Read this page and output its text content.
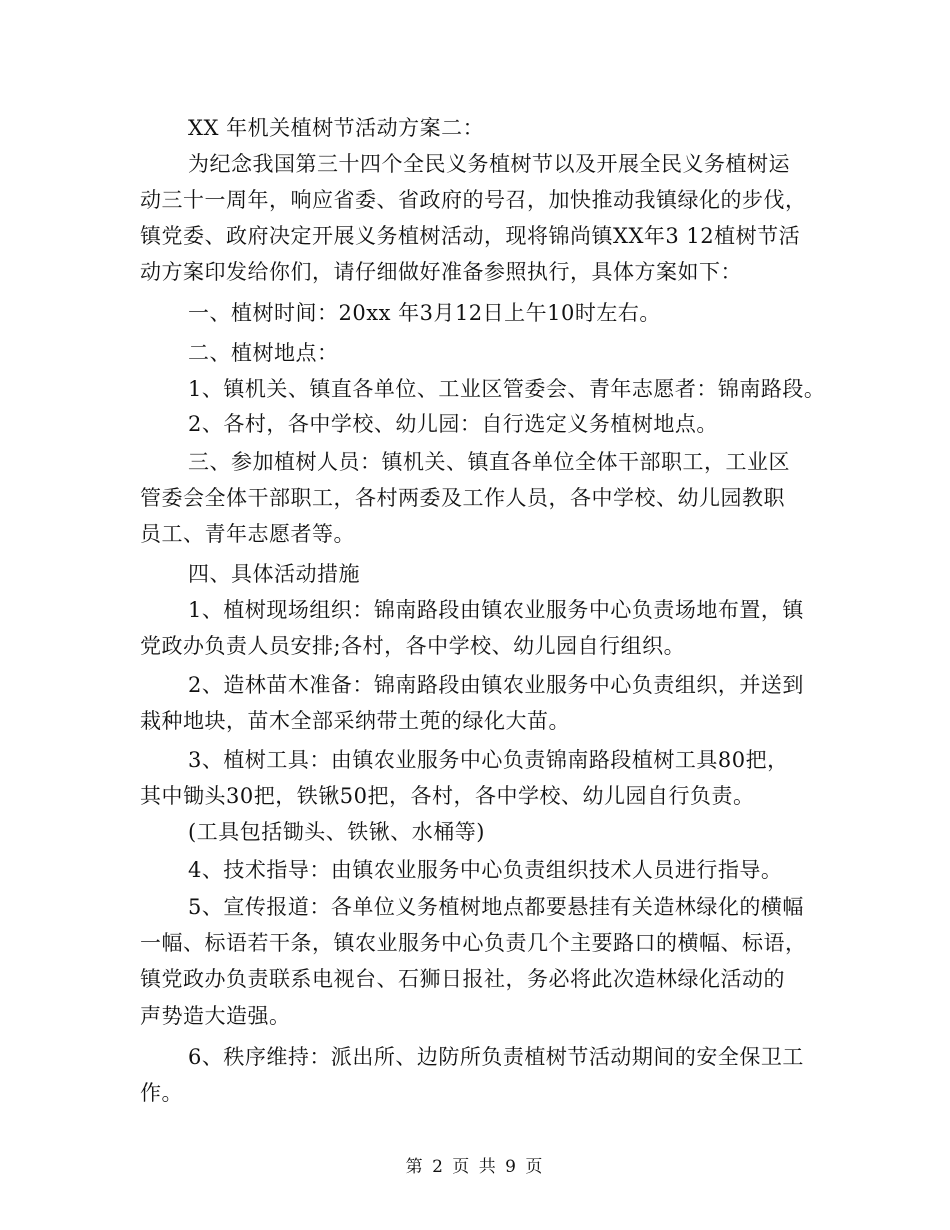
XX 年机关植树节活动方案二：
为纪念我国第三十四个全民义务植树节以及开展全民义务植树运
动三十一周年，响应省委、省政府的号召，加快推动我镇绿化的步伐，
镇党委、政府决定开展义务植树活动，现将锦尚镇XX年3 12植树节活
动方案印发给你们，请仔细做好准备参照执行，具体方案如下：
一、植树时间：20xx 年3月12日上午10时左右。
二、植树地点：
1、镇机关、镇直各单位、工业区管委会、青年志愿者：锦南路段。
2、各村，各中学校、幼儿园：自行选定义务植树地点。
三、参加植树人员：镇机关、镇直各单位全体干部职工，工业区
管委会全体干部职工，各村两委及工作人员，各中学校、幼儿园教职
员工、青年志愿者等。
四、具体活动措施
1、植树现场组织：锦南路段由镇农业服务中心负责场地布置，镇
党政办负责人员安排;各村，各中学校、幼儿园自行组织。
2、造林苗木准备：锦南路段由镇农业服务中心负责组织，并送到
栽种地块，苗木全部采纳带土蔸的绿化大苗。
3、植树工具：由镇农业服务中心负责锦南路段植树工具80把，
其中锄头30把，铁锹50把，各村，各中学校、幼儿园自行负责。
(工具包括锄头、铁锹、水桶等)
4、技术指导：由镇农业服务中心负责组织技术人员进行指导。
5、宣传报道：各单位义务植树地点都要悬挂有关造林绿化的横幅
一幅、标语若干条，镇农业服务中心负责几个主要路口的横幅、标语，
镇党政办负责联系电视台、石狮日报社，务必将此次造林绿化活动的
声势造大造强。
6、秩序维持：派出所、边防所负责植树节活动期间的安全保卫工
作。
第 2 页 共 9 页
